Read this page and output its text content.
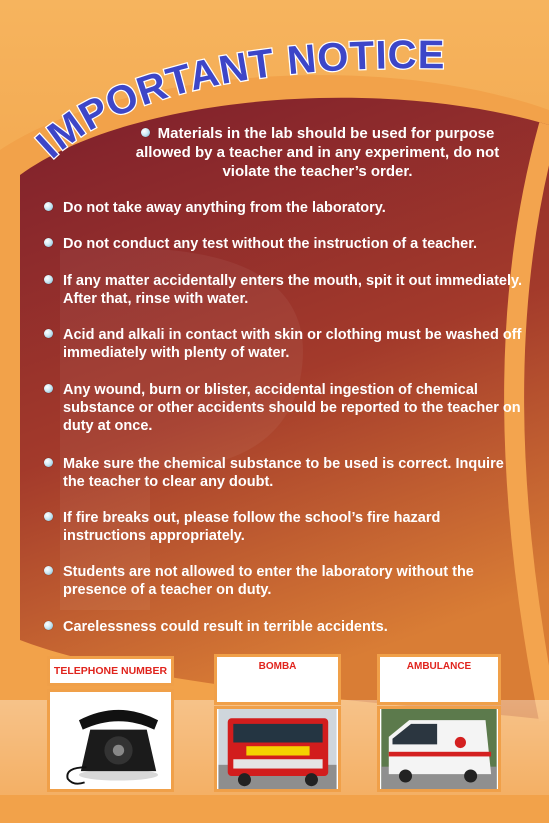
IMPORTANT NOTICE
Materials in the lab should be used for purpose allowed by a teacher and in any experiment, do not violate the teacher’s order.
Do not take away anything from the laboratory.
Do not conduct any test without the instruction of a teacher.
If any matter accidentally enters the mouth, spit it out immediately. After that, rinse with water.
Acid and alkali in contact with skin or clothing must be washed off immediately with plenty of water.
Any wound, burn or blister, accidental ingestion of chemical substance or other accidents should be reported to the teacher on duty at once.
Make sure the chemical substance to be used is correct. Inquire the teacher to clear any doubt.
If fire breaks out, please follow the school’s fire hazard instructions appropriately.
Students are not allowed to enter the laboratory without the presence of a teacher on duty.
Carelessness could result in terrible accidents.
TELEPHONE NUMBER	BOMBA	AMBULANCE
